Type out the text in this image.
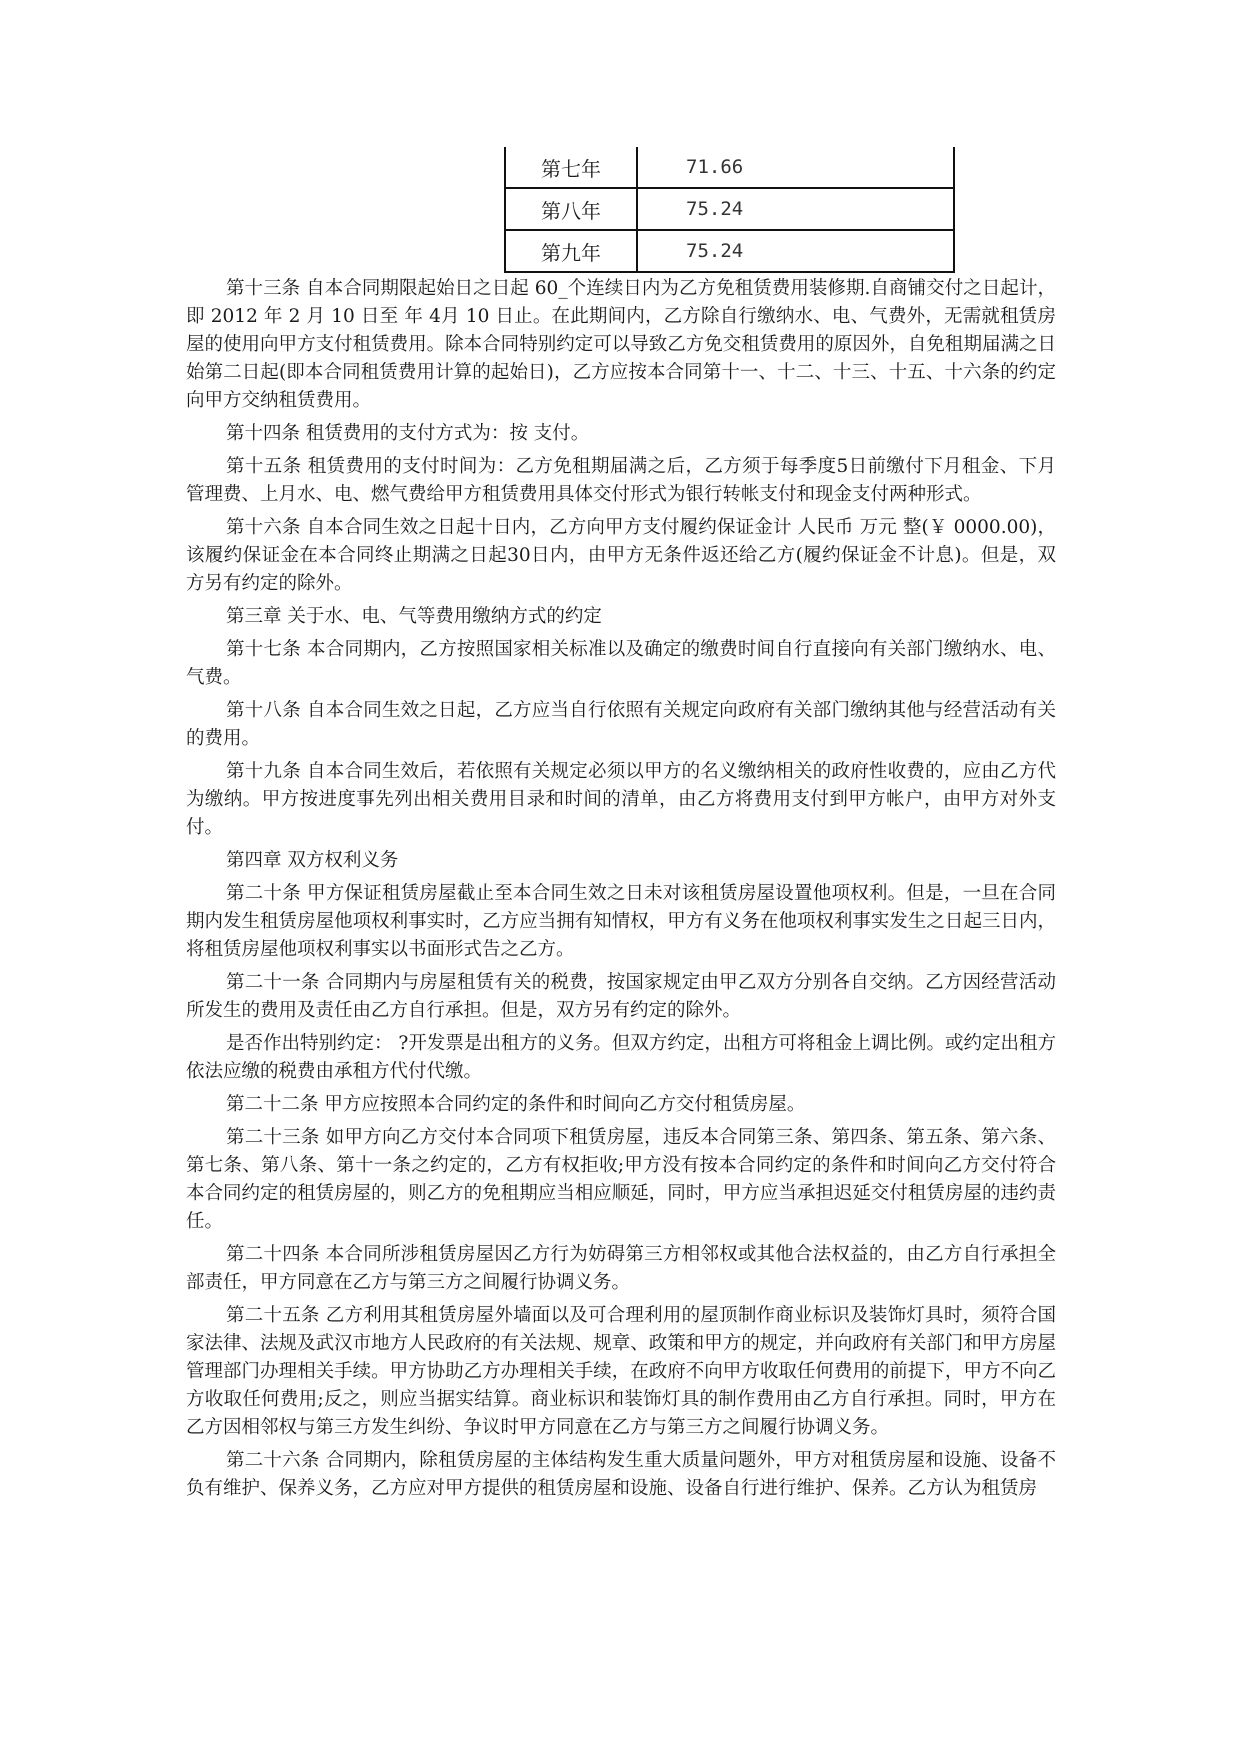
第七年	71.66
第八年	75.24
第九年	75.24

第十三条 自本合同期限起始日之日起 60_个连续日内为乙方免租赁费用装修期.自商铺交付之日起计，即 2012 年 2 月 10 日至 年 4月 10 日止。在此期间内，乙方除自行缴纳水、电、气费外，无需就租赁房屋的使用向甲方支付租赁费用。除本合同特别约定可以导致乙方免交租赁费用的原因外，自免租期届满之日始第二日起(即本合同租赁费用计算的起始日)，乙方应按本合同第十一、十二、十三、十五、十六条的约定向甲方交纳租赁费用。

第十四条 租赁费用的支付方式为：按 支付。

第十五条 租赁费用的支付时间为：乙方免租期届满之后，乙方须于每季度5日前缴付下月租金、下月管理费、上月水、电、燃气费给甲方租赁费用具体交付形式为银行转帐支付和现金支付两种形式。

第十六条 自本合同生效之日起十日内，乙方向甲方支付履约保证金计 人民币 万元 整(￥ 0000.00)，该履约保证金在本合同终止期满之日起30日内，由甲方无条件返还给乙方(履约保证金不计息)。但是，双方另有约定的除外。

第三章 关于水、电、气等费用缴纳方式的约定

第十七条 本合同期内，乙方按照国家相关标准以及确定的缴费时间自行直接向有关部门缴纳水、电、气费。

第十八条 自本合同生效之日起，乙方应当自行依照有关规定向政府有关部门缴纳其他与经营活动有关的费用。

第十九条 自本合同生效后，若依照有关规定必须以甲方的名义缴纳相关的政府性收费的，应由乙方代为缴纳。甲方按进度事先列出相关费用目录和时间的清单，由乙方将费用支付到甲方帐户，由甲方对外支付。

第四章 双方权利义务

第二十条 甲方保证租赁房屋截止至本合同生效之日未对该租赁房屋设置他项权利。但是，一旦在合同期内发生租赁房屋他项权利事实时，乙方应当拥有知情权，甲方有义务在他项权利事实发生之日起三日内，将租赁房屋他项权利事实以书面形式告之乙方。

第二十一条 合同期内与房屋租赁有关的税费，按国家规定由甲乙双方分别各自交纳。乙方因经营活动所发生的费用及责任由乙方自行承担。但是，双方另有约定的除外。

是否作出特别约定： ?开发票是出租方的义务。但双方约定，出租方可将租金上调比例。或约定出租方依法应缴的税费由承租方代付代缴。

第二十二条 甲方应按照本合同约定的条件和时间向乙方交付租赁房屋。

第二十三条 如甲方向乙方交付本合同项下租赁房屋，违反本合同第三条、第四条、第五条、第六条、第七条、第八条、第十一条之约定的，乙方有权拒收;甲方没有按本合同约定的条件和时间向乙方交付符合本合同约定的租赁房屋的，则乙方的免租期应当相应顺延，同时，甲方应当承担迟延交付租赁房屋的违约责任。

第二十四条 本合同所涉租赁房屋因乙方行为妨碍第三方相邻权或其他合法权益的，由乙方自行承担全部责任，甲方同意在乙方与第三方之间履行协调义务。

第二十五条 乙方利用其租赁房屋外墙面以及可合理利用的屋顶制作商业标识及装饰灯具时，须符合国家法律、法规及武汉市地方人民政府的有关法规、规章、政策和甲方的规定，并向政府有关部门和甲方房屋管理部门办理相关手续。甲方协助乙方办理相关手续，在政府不向甲方收取任何费用的前提下，甲方不向乙方收取任何费用;反之，则应当据实结算。商业标识和装饰灯具的制作费用由乙方自行承担。同时，甲方在乙方因相邻权与第三方发生纠纷、争议时甲方同意在乙方与第三方之间履行协调义务。

第二十六条 合同期内，除租赁房屋的主体结构发生重大质量问题外，甲方对租赁房屋和设施、设备不负有维护、保养义务，乙方应对甲方提供的租赁房屋和设施、设备自行进行维护、保养。乙方认为租赁房
